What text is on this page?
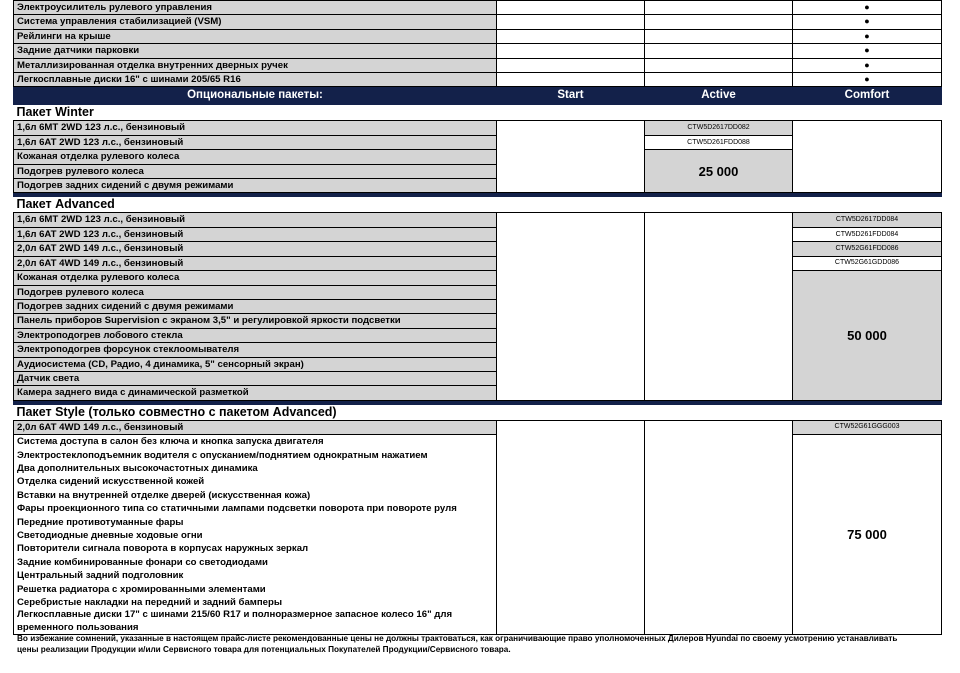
Электроусилитель рулевого управления			●
Система управления стабилизацией (VSM)			●
Рейлинги на крыше			●
Задние датчики парковки			●
Металлизированная отделка внутренних дверных ручек			●
Легкосплавные диски 16" с шинами 205/65 R16			●
Опциональные пакеты:	Start	Active	Comfort
Пакет Winter			
1,6л 6MT 2WD 123 л.с., бензиновый		CTW5D2617DD082	
1,6л 6AT 2WD 123 л.с., бензиновый		CTW5D261FDD088	
Кожаная отделка рулевого колеса		25 000	
Подогрев рулевого колеса			
Подогрев задних сидений с двумя режимами			

Пакет Advanced			
1,6л 6MT 2WD 123 л.с., бензиновый			CTW5D2617DD084
1,6л 6AT 2WD 123 л.с., бензиновый			CTW5D261FDD084
2,0л 6AT 2WD 149 л.с., бензиновый			CTW52G61FDD086
2,0л 6AT 4WD 149 л.с., бензиновый			CTW52G61GDD086
Кожаная отделка рулевого колеса			50 000
Подогрев рулевого колеса			
Подогрев задних сидений с двумя режимами			
Панель приборов Supervision с экраном 3,5" и регулировкой яркости подсветки			
Электроподогрев лобового стекла			
Электроподогрев форсунок стеклоомывателя			
Аудиосистема (CD, Радио, 4 динамика, 5" сенсорный экран)			
Датчик света			
Камера заднего вида с динамической разметкой			

Пакет Style (только совместно с пакетом Advanced)			
2,0л 6AT 4WD 149 л.с., бензиновый			CTW52G61GGG003
Система доступа в салон без ключа и кнопка запуска двигателя			75 000
Электростеклоподъемник водителя с опусканием/поднятием однократным нажатием			
Два дополнительных высокочастотных динамика			
Отделка сидений искусственной кожей			
Вставки на внутренней отделке дверей (искусственная кожа)			
Фары проекционного типа со статичными лампами подсветки поворота при повороте руля			
Передние противотуманные фары			
Светодиодные дневные ходовые огни			
Повторители сигнала поворота в корпусах наружных зеркал			
Задние комбинированные фонари со светодиодами			
Центральный задний подголовник			
Решетка радиатора с хромированными элементами			
Серебристые накладки на передний и задний бамперы			
Легкосплавные диски 17" с шинами 215/60 R17 и полноразмерное запасное колесо 16" для временного пользования			
Во избежание сомнений, указанные в настоящем прайс-листе рекомендованные цены не должны трактоваться, как ограничивающие право уполномоченных Дилеров Hyundai по своему усмотрению устанавливать цены реализации Продукции и/или Сервисного товара для потенциальных Покупателей Продукции/Сервисного товара.
